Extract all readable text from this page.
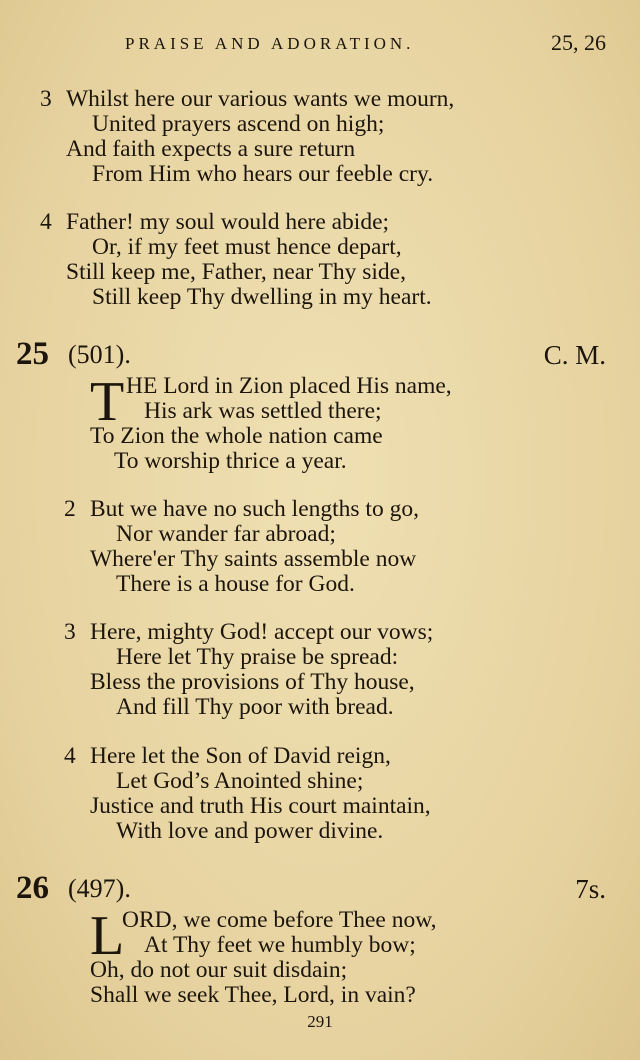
PRAISE AND ADORATION.	25, 26
3 Whilst here our various wants we mourn,
United prayers ascend on high;
And faith expects a sure return
From Him who hears our feeble cry.
4 Father! my soul would here abide;
Or, if my feet must hence depart,
Still keep me, Father, near Thy side,
Still keep Thy dwelling in my heart.
25 (501).	C. M.
T HE Lord in Zion placed His name,
His ark was settled there;
To Zion the whole nation came
To worship thrice a year.
2 But we have no such lengths to go,
Nor wander far abroad;
Where'er Thy saints assemble now
There is a house for God.
3 Here, mighty God! accept our vows;
Here let Thy praise be spread:
Bless the provisions of Thy house,
And fill Thy poor with bread.
4 Here let the Son of David reign,
Let God’s Anointed shine;
Justice and truth His court maintain,
With love and power divine.
26 (497).	7s.
L
ORD, we come before Thee now,
At Thy feet we humbly bow;
Oh, do not our suit disdain;
Shall we seek Thee, Lord, in vain?
291
